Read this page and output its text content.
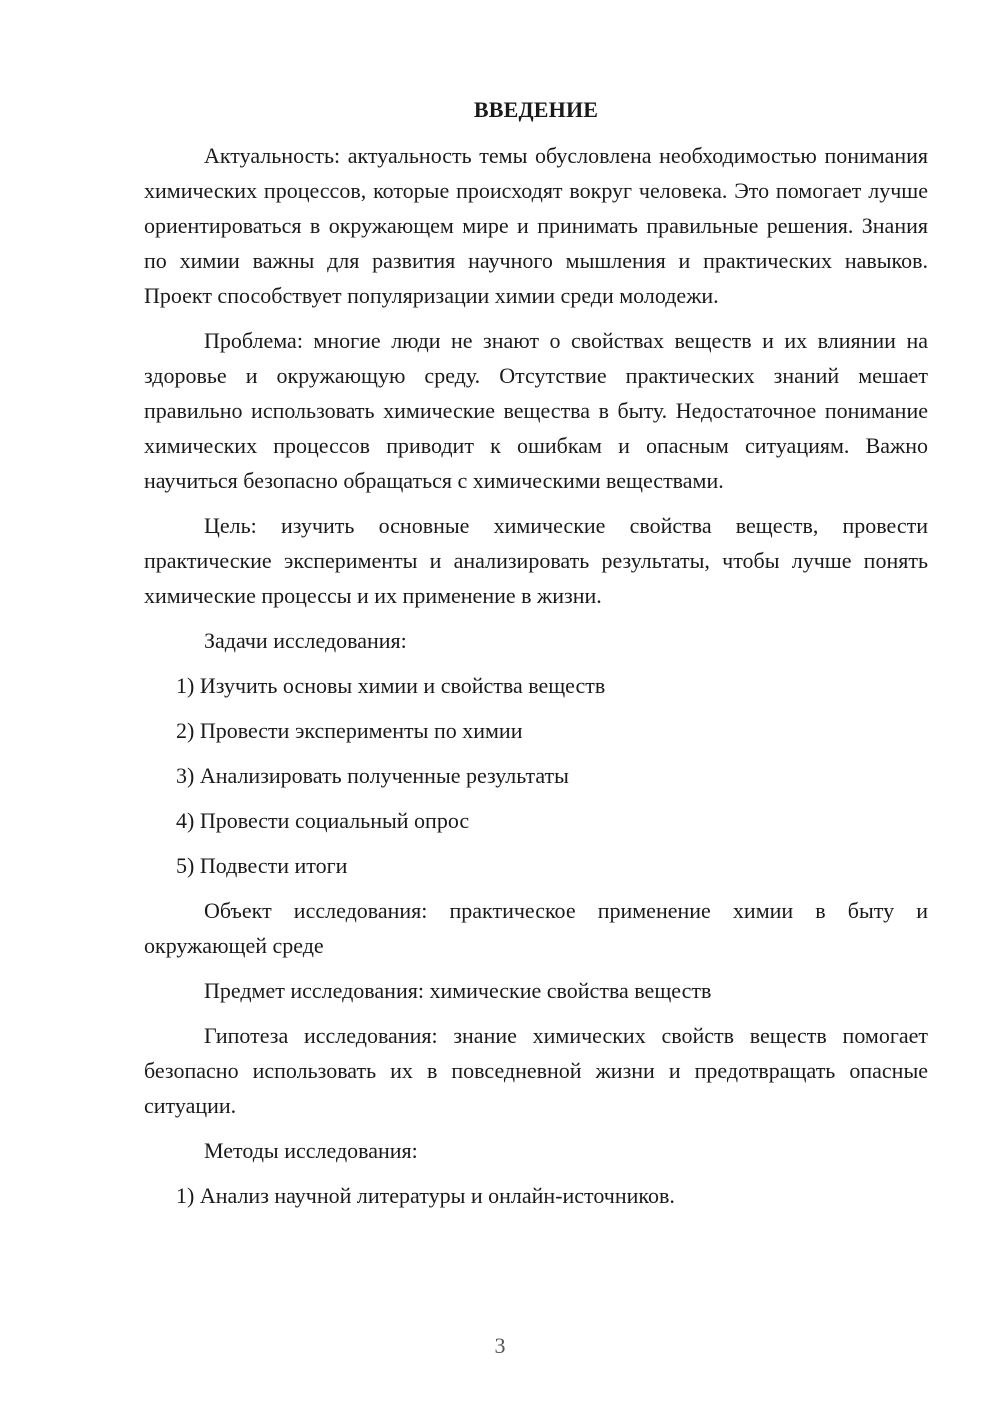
ВВЕДЕНИЕ

Актуальность: актуальность темы обусловлена необходимостью понимания химических процессов, которые происходят вокруг человека. Это помогает лучше ориентироваться в окружающем мире и принимать правильные решения. Знания по химии важны для развития научного мышления и практических навыков. Проект способствует популяризации химии среди молодежи.

Проблема: многие люди не знают о свойствах веществ и их влиянии на здоровье и окружающую среду. Отсутствие практических знаний мешает правильно использовать химические вещества в быту. Недостаточное понимание химических процессов приводит к ошибкам и опасным ситуациям. Важно научиться безопасно обращаться с химическими веществами.

Цель: изучить основные химические свойства веществ, провести практические эксперименты и анализировать результаты, чтобы лучше понять химические процессы и их применение в жизни.

Задачи исследования:

1) Изучить основы химии и свойства веществ

2) Провести эксперименты по химии

3) Анализировать полученные результаты

4) Провести социальный опрос

5) Подвести итоги

Объект исследования: практическое применение химии в быту и окружающей среде

Предмет исследования: химические свойства веществ

Гипотеза исследования: знание химических свойств веществ помогает безопасно использовать их в повседневной жизни и предотвращать опасные ситуации.

Методы исследования:

1) Анализ научной литературы и онлайн-источников.

3
